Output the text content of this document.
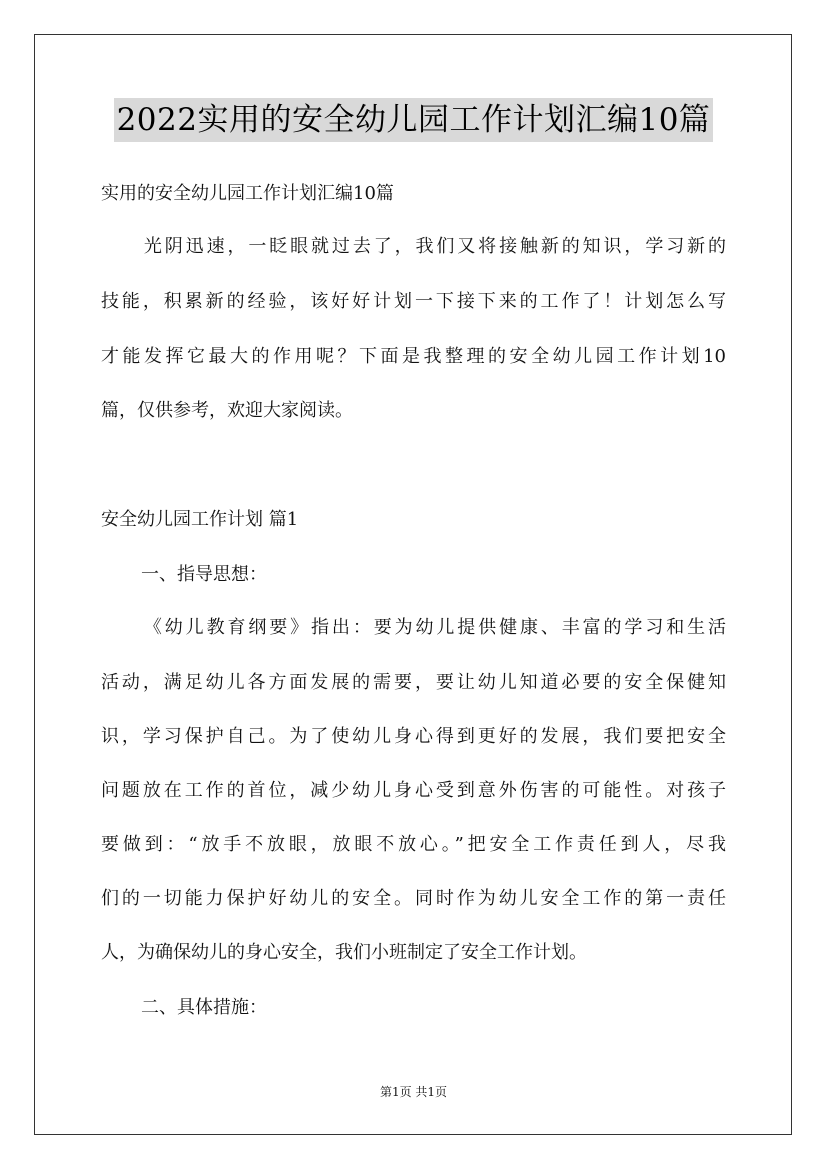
2022实用的安全幼儿园工作计划汇编10篇
实用的安全幼儿园工作计划汇编10篇
光阴迅速，一眨眼就过去了，我们又将接触新的知识，学习新的
技能，积累新的经验，该好好计划一下接下来的工作了！计划怎么写
才能发挥它最大的作用呢？下面是我整理的安全幼儿园工作计划10
篇，仅供参考，欢迎大家阅读。
安全幼儿园工作计划 篇1
一、指导思想：
《幼儿教育纲要》指出：要为幼儿提供健康、丰富的学习和生活
活动，满足幼儿各方面发展的需要，要让幼儿知道必要的安全保健知
识，学习保护自己。为了使幼儿身心得到更好的发展，我们要把安全
问题放在工作的首位，减少幼儿身心受到意外伤害的可能性。对孩子
要做到：“放手不放眼，放眼不放心。”把安全工作责任到人，尽我
们的一切能力保护好幼儿的安全。同时作为幼儿安全工作的第一责任
人，为确保幼儿的身心安全，我们小班制定了安全工作计划。
二、具体措施：
第1页 共1页
